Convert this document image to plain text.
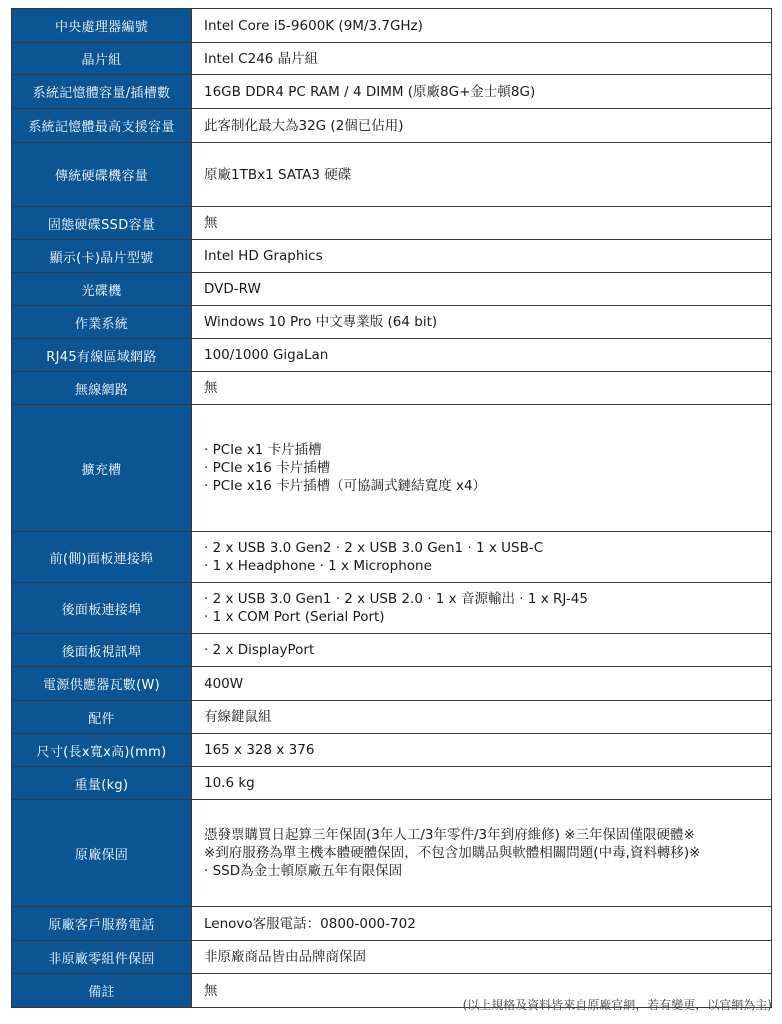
中央處理器編號	Intel Core i5-9600K (9M/3.7GHz)

晶片組	Intel C246 晶片組

系統記憶體容量/插槽數	16GB DDR4 PC RAM / 4 DIMM (原廠8G+金士頓8G)

系統記憶體最高支援容量	此客制化最大為32G (2個已佔用)

傳統硬碟機容量	原廠1TBx1 SATA3 硬碟

固態硬碟SSD容量	無

顯示(卡)晶片型號	Intel HD Graphics

光碟機	DVD-RW

作業系統	Windows 10 Pro 中文專業版 (64 bit)

RJ45有線區域網路	100/1000 GigaLan

無線網路	無

擴充槽	· PCIe x1 卡片插槽
· PCIe x16 卡片插槽
· PCIe x16 卡片插槽（可協調式鏈結寬度 x4）

前(側)面板連接埠	· 2 x USB 3.0 Gen2 · 2 x USB 3.0 Gen1 · 1 x USB-C
· 1 x Headphone · 1 x Microphone

後面板連接埠	· 2 x USB 3.0 Gen1 · 2 x USB 2.0 · 1 x 音源輸出 · 1 x RJ-45
· 1 x COM Port (Serial Port)

後面板視訊埠	· 2 x DisplayPort

電源供應器瓦數(W)	400W

配件	有線鍵鼠組

尺寸(長x寬x高)(mm)	165 x 328 x 376

重量(kg)	10.6 kg

原廠保固	憑發票購買日起算三年保固(3年人工/3年零件/3年到府維修) ※三年保固僅限硬體※
※到府服務為單主機本體硬體保固，不包含加購品與軟體相關問題(中毒,資料轉移)※
· SSD為金士頓原廠五年有限保固

原廠客戶服務電話	Lenovo客服電話：0800-000-702

非原廠零組件保固	非原廠商品皆由品牌商保固

備註	無
(以上規格及資料皆來自原廠官網，若有變更，以官網為主)
